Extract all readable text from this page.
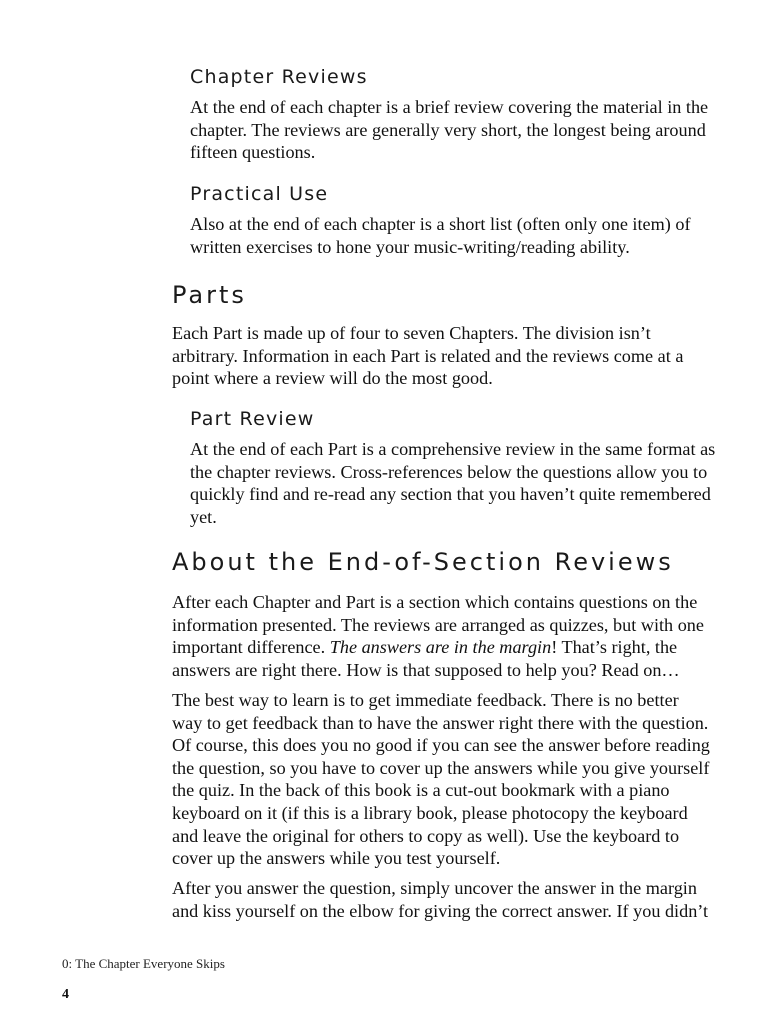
Chapter Reviews

At the end of each chapter is a brief review covering the material in the chapter. The reviews are generally very short, the longest being around fifteen questions.

Practical Use

Also at the end of each chapter is a short list (often only one item) of written exercises to hone your music-writing/reading ability.

Parts

Each Part is made up of four to seven Chapters. The division isn’t arbitrary. Information in each Part is related and the reviews come at a point where a review will do the most good.

Part Review

At the end of each Part is a comprehensive review in the same format as the chapter reviews. Cross-references below the questions allow you to quickly find and re-read any section that you haven’t quite remembered yet.

About the End-of-Section Reviews

After each Chapter and Part is a section which contains questions on the information presented. The reviews are arranged as quizzes, but with one important difference. The answers are in the margin! That’s right, the answers are right there. How is that supposed to help you? Read on…

The best way to learn is to get immediate feedback. There is no better way to get feedback than to have the answer right there with the question. Of course, this does you no good if you can see the answer before reading the question, so you have to cover up the answers while you give yourself the quiz. In the back of this book is a cut-out bookmark with a piano keyboard on it (if this is a library book, please photocopy the keyboard and leave the original for others to copy as well). Use the keyboard to cover up the answers while you test yourself.

After you answer the question, simply uncover the answer in the margin and kiss yourself on the elbow for giving the correct answer. If you didn’t

0: The Chapter Everyone Skips
4
